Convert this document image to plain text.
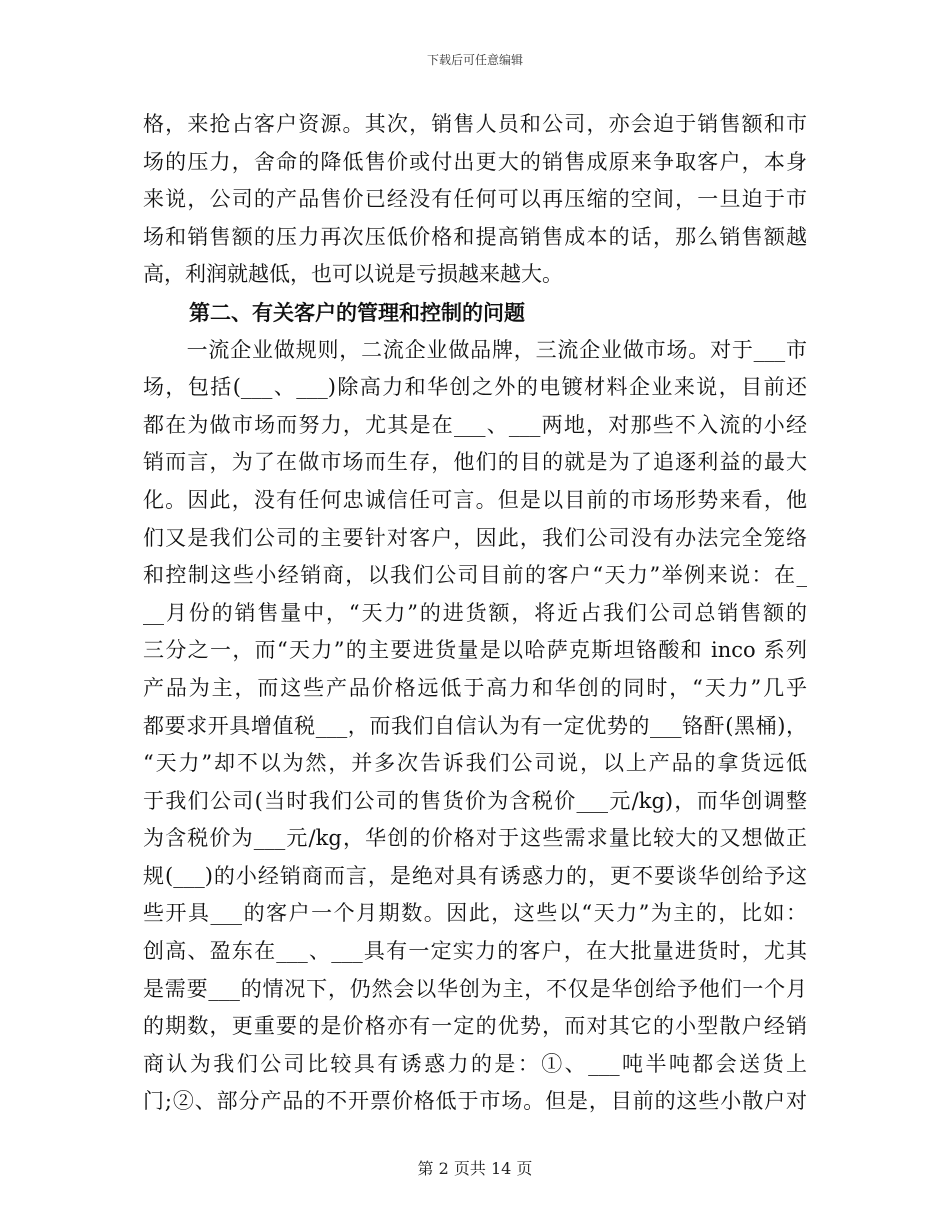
下载后可任意编辑
格，来抢占客户资源。其次，销售人员和公司，亦会迫于销售额和市
场的压力，舍命的降低售价或付出更大的销售成原来争取客户，本身
来说，公司的产品售价已经没有任何可以再压缩的空间，一旦迫于市
场和销售额的压力再次压低价格和提高销售成本的话，那么销售额越
高，利润就越低，也可以说是亏损越来越大。
第二、有关客户的管理和控制的问题
　　一流企业做规则，二流企业做品牌，三流企业做市场。对于___市
场，包括(___、___)除高力和华创之外的电镀材料企业来说，目前还
都在为做市场而努力，尤其是在___、___两地，对那些不入流的小经
销而言，为了在做市场而生存，他们的目的就是为了追逐利益的最大
化。因此，没有任何忠诚信任可言。但是以目前的市场形势来看，他
们又是我们公司的主要针对客户，因此，我们公司没有办法完全笼络
和控制这些小经销商，以我们公司目前的客户“天力”举例来说：在_
__月份的销售量中，“天力”的进货额，将近占我们公司总销售额的
三分之一，而“天力”的主要进货量是以哈萨克斯坦铬酸和 inco 系列
产品为主，而这些产品价格远低于高力和华创的同时，“天力”几乎
都要求开具增值税___，而我们自信认为有一定优势的___铬酐(黑桶)，
“天力”却不以为然，并多次告诉我们公司说，以上产品的拿货远低
于我们公司(当时我们公司的售货价为含税价___元/kg)，而华创调整
为含税价为___元/kg，华创的价格对于这些需求量比较大的又想做正
规(___)的小经销商而言，是绝对具有诱惑力的，更不要谈华创给予这
些开具___的客户一个月期数。因此，这些以“天力”为主的，比如：
创高、盈东在___、___具有一定实力的客户，在大批量进货时，尤其
是需要___的情况下，仍然会以华创为主，不仅是华创给予他们一个月
的期数，更重要的是价格亦有一定的优势，而对其它的小型散户经销
商认为我们公司比较具有诱惑力的是：①、___吨半吨都会送货上
门;②、部分产品的不开票价格低于市场。但是，目前的这些小散户对
第 2 页共 14 页
